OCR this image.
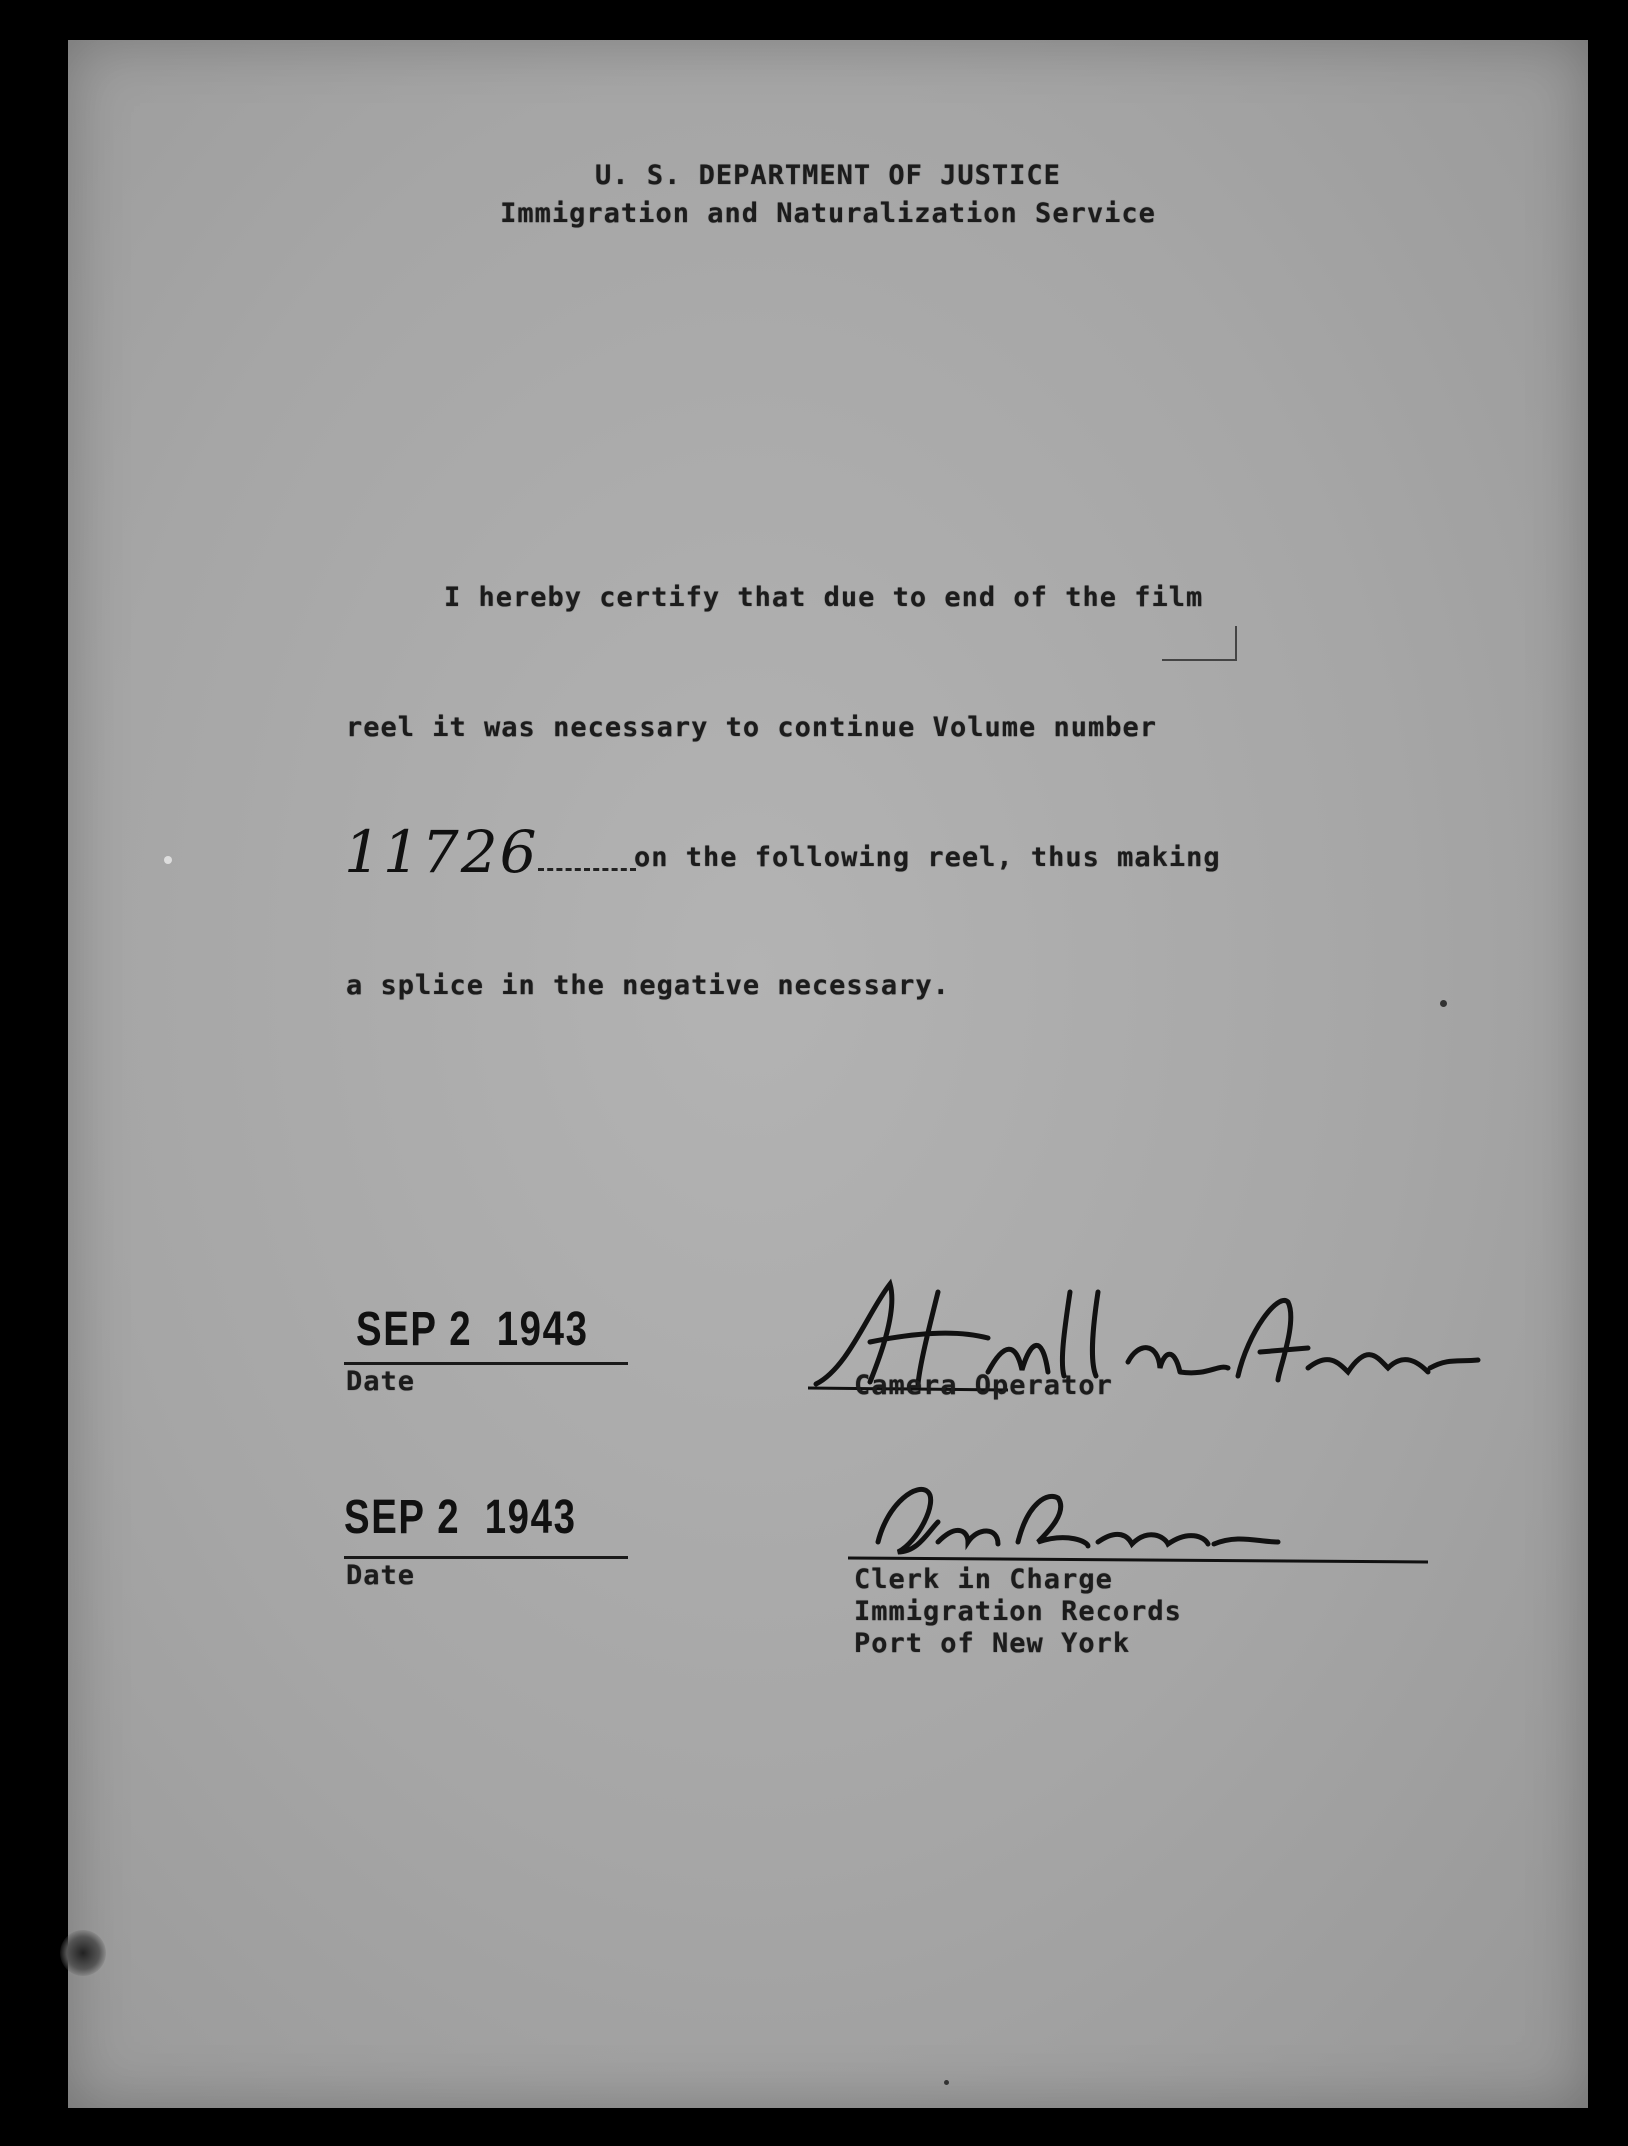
U. S. DEPARTMENT OF JUSTICE
Immigration and Naturalization Service
I hereby certify that due to end of the film
reel it was necessary to continue Volume number
11726	on the following reel, thus making
a splice in the negative necessary.
SEP 2  1943
Date	Camera Operator
SEP 2  1943
Date	Clerk in Charge
Immigration Records
Port of New York
